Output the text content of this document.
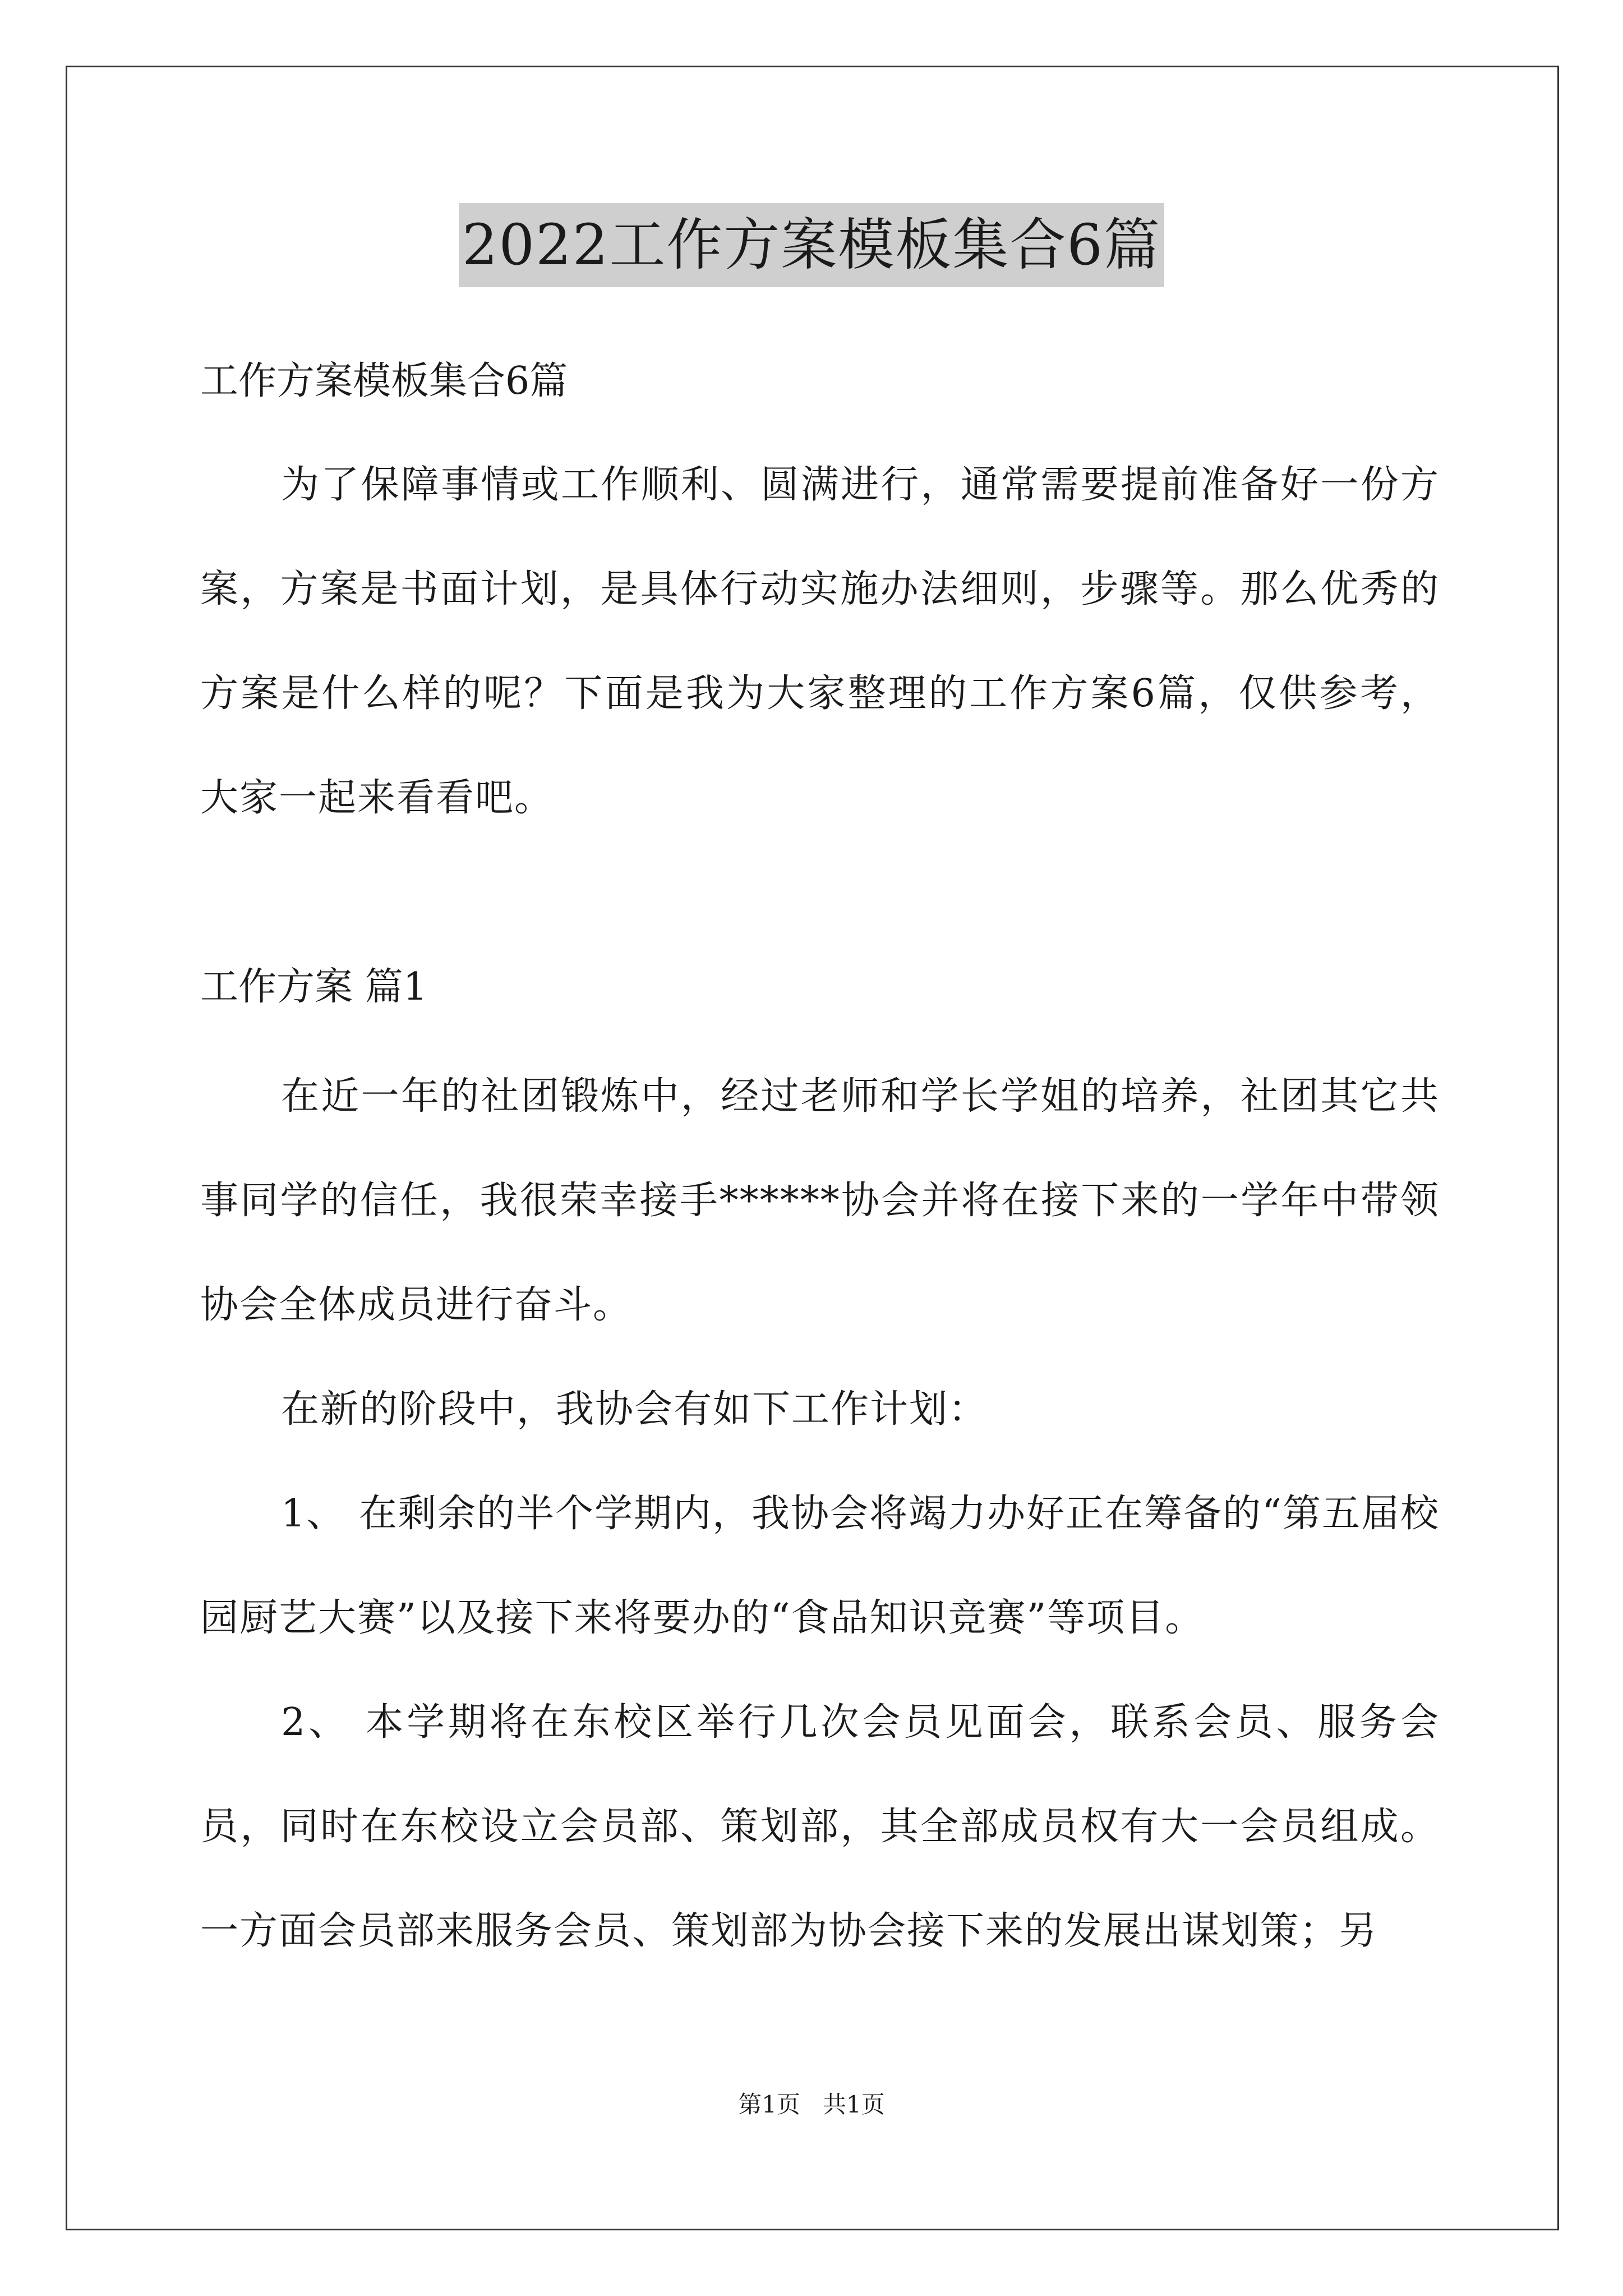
2022工作方案模板集合6篇
工作方案模板集合6篇

为了保障事情或工作顺利、圆满进行，通常需要提前准备好一份方案，方案是书面计划，是具体行动实施办法细则，步骤等。那么优秀的方案是什么样的呢？下面是我为大家整理的工作方案6篇，仅供参考，大家一起来看看吧。

工作方案 篇1

在近一年的社团锻炼中，经过老师和学长学姐的培养，社团其它共事同学的信任，我很荣幸接手******协会并将在接下来的一学年中带领协会全体成员进行奋斗。

在新的阶段中，我协会有如下工作计划：

1、 在剩余的半个学期内，我协会将竭力办好正在筹备的“第五届校园厨艺大赛”以及接下来将要办的“食品知识竞赛”等项目。

2、 本学期将在东校区举行几次会员见面会，联系会员、服务会员，同时在东校设立会员部、策划部，其全部成员权有大一会员组成。一方面会员部来服务会员、策划部为协会接下来的发展出谋划策；另

第1页   共1页
